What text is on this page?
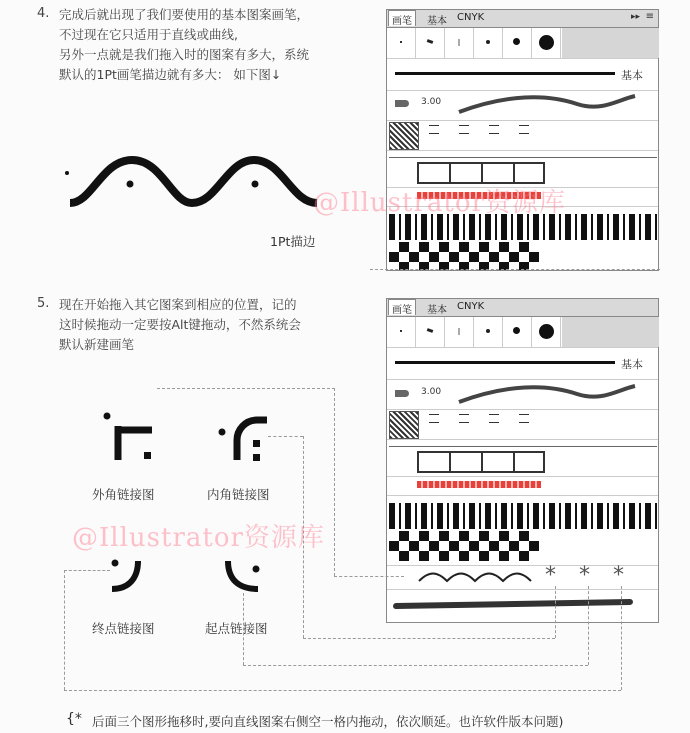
4. 完成后就出现了我们要使用的基本图案画笔，
不过现在它只适用于直线或曲线,
另外一点就是我们拖入时的图案有多大，系统
默认的1Pt画笔描边就有多大： 如下图↓
1Pt描边
画笔	基本 CNYK	▸▸ ≡
基本
3.00
5. 现在开始拖入其它图案到相应的位置，记的
这时候拖动一定要按Alt键拖动，不然系统会
默认新建画笔
画笔	基本 CNYK
基本
3.00
* * *
外角链接图	内角链接图
终点链接图	起点链接图
@Illustrator资源库
@Illustrator资源库
{* 后面三个图形拖移时,要向直线图案右侧空一格内拖动，依次顺延。也许软件版本问题)
